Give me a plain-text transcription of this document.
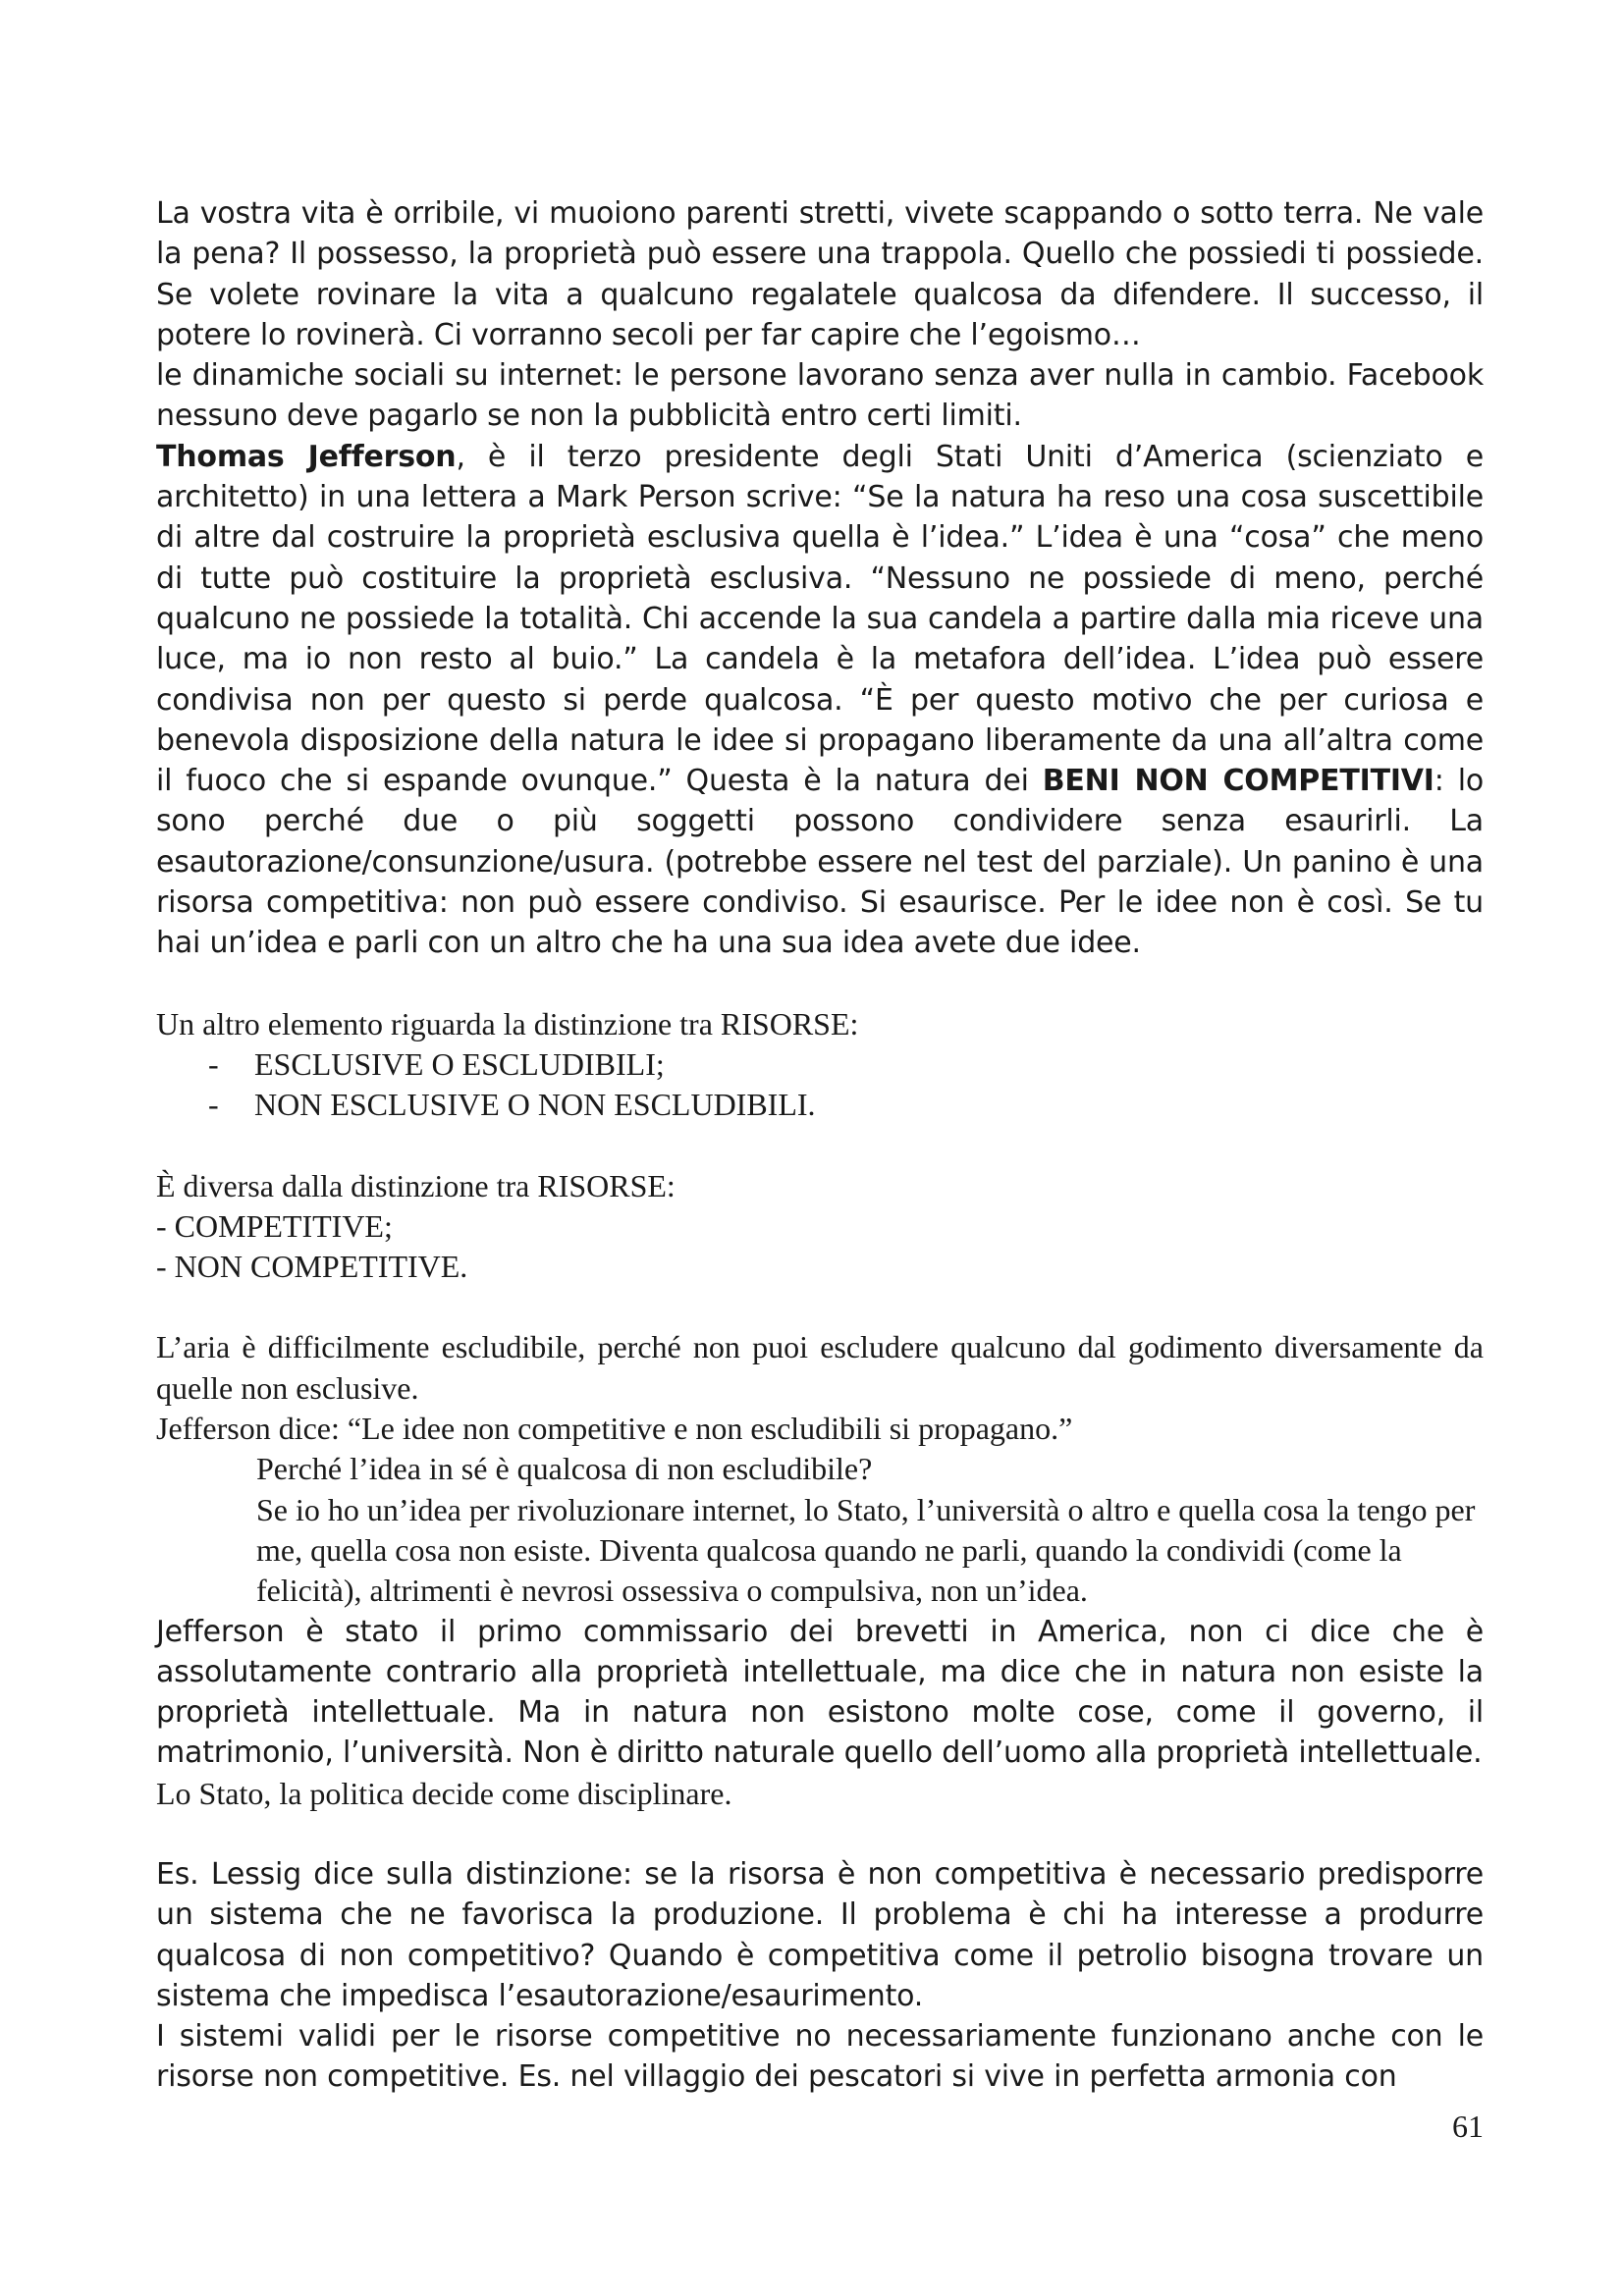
La vostra vita è orribile, vi muoiono parenti stretti, vivete scappando o sotto terra. Ne vale la pena? Il possesso, la proprietà può essere una trappola. Quello che possiedi ti possiede. Se volete rovinare la vita a qualcuno regalatele qualcosa da difendere. Il successo, il potere lo rovinerà. Ci vorranno secoli per far capire che l’egoismo…

le dinamiche sociali su internet: le persone lavorano senza aver nulla in cambio. Facebook nessuno deve pagarlo se non la pubblicità entro certi limiti.

Thomas Jefferson, è il terzo presidente degli Stati Uniti d’America (scienziato e architetto) in una lettera a Mark Person scrive: “Se la natura ha reso una cosa suscettibile di altre dal costruire la proprietà esclusiva quella è l’idea.” L’idea è una “cosa” che meno di tutte può costituire la proprietà esclusiva. “Nessuno ne possiede di meno, perché qualcuno ne possiede la totalità. Chi accende la sua candela a partire dalla mia riceve una luce, ma io non resto al buio.” La candela è la metafora dell’idea. L’idea può essere condivisa non per questo si perde qualcosa. “È per questo motivo che per curiosa e benevola disposizione della natura le idee si propagano liberamente da una all’altra come il fuoco che si espande ovunque.” Questa è la natura dei BENI NON COMPETITIVI: lo sono perché due o più soggetti possono condividere senza esaurirli. La esautorazione/consunzione/usura. (potrebbe essere nel test del parziale). Un panino è una risorsa competitiva: non può essere condiviso. Si esaurisce. Per le idee non è così. Se tu hai un’idea e parli con un altro che ha una sua idea avete due idee.

Un altro elemento riguarda la distinzione tra RISORSE:

- ESCLUSIVE O ESCLUDIBILI;
- NON ESCLUSIVE O NON ESCLUDIBILI.

È diversa dalla distinzione tra RISORSE:

- COMPETITIVE;

- NON COMPETITIVE.

L’aria è difficilmente escludibile, perché non puoi escludere qualcuno dal godimento diversamente da quelle non esclusive.

Jefferson dice: “Le idee non competitive e non escludibili si propagano.”

Perché l’idea in sé è qualcosa di non escludibile?

Se io ho un’idea per rivoluzionare internet, lo Stato, l’università o altro e quella cosa la tengo per me, quella cosa non esiste. Diventa qualcosa quando ne parli, quando la condividi (come la felicità), altrimenti è nevrosi ossessiva o compulsiva, non un’idea.

Jefferson è stato il primo commissario dei brevetti in America, non ci dice che è assolutamente contrario alla proprietà intellettuale, ma dice che in natura non esiste la proprietà intellettuale. Ma in natura non esistono molte cose, come il governo, il matrimonio, l’università. Non è diritto naturale quello dell’uomo alla proprietà intellettuale.

Lo Stato, la politica decide come disciplinare.

Es. Lessig dice sulla distinzione: se la risorsa è non competitiva è necessario predisporre un sistema che ne favorisca la produzione. Il problema è chi ha interesse a produrre qualcosa di non competitivo? Quando è competitiva come il petrolio bisogna trovare un sistema che impedisca l’esautorazione/esaurimento.

I sistemi validi per le risorse competitive no necessariamente funzionano anche con le risorse non competitive. Es. nel villaggio dei pescatori si vive in perfetta armonia con

61
